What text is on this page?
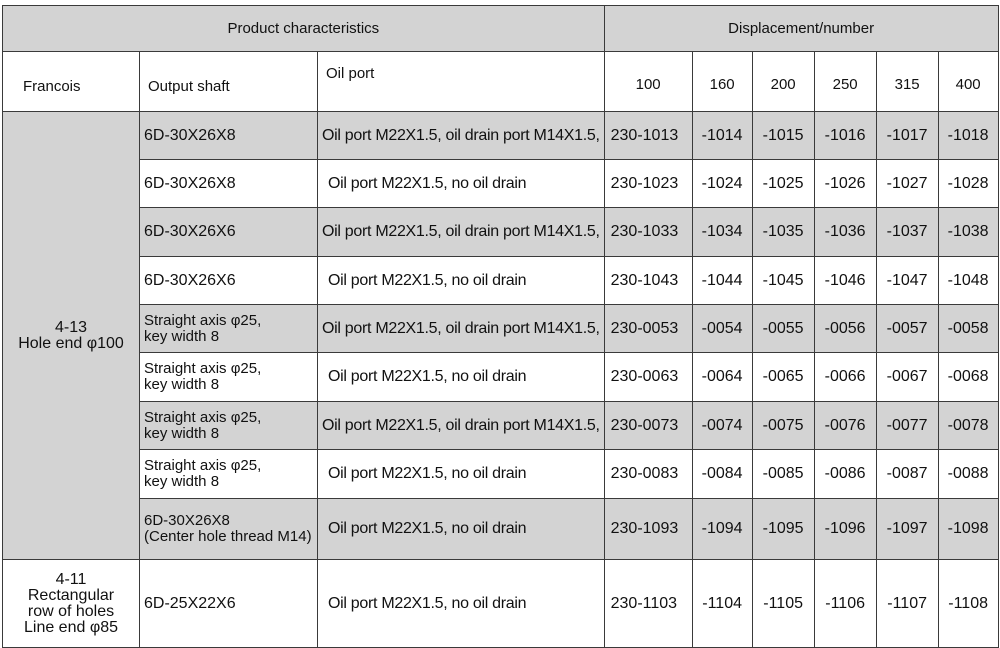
Product characteristics			Displacement/number					
Francois	Output shaft	Oil port	100	160	200	250	315	400

4-13
Hole end φ100	6D-30X26X8	Oil port M22X1.5, oil drain port M14X1.5,	230-1013	-1014	-1015	-1016	-1017	-1018

	6D-30X26X8	Oil port M22X1.5, no oil drain	230-1023	-1024	-1025	-1026	-1027	-1028

	6D-30X26X6	Oil port M22X1.5, oil drain port M14X1.5,	230-1033	-1034	-1035	-1036	-1037	-1038

	6D-30X26X6	Oil port M22X1.5, no oil drain	230-1043	-1044	-1045	-1046	-1047	-1048

	Straight axis φ25,
key width 8	Oil port M22X1.5, oil drain port M14X1.5,	230-0053	-0054	-0055	-0056	-0057	-0058

	Straight axis φ25,
key width 8	Oil port M22X1.5, no oil drain	230-0063	-0064	-0065	-0066	-0067	-0068

	Straight axis φ25,
key width 8	Oil port M22X1.5, oil drain port M14X1.5,	230-0073	-0074	-0075	-0076	-0077	-0078

	Straight axis φ25,
key width 8	Oil port M22X1.5, no oil drain	230-0083	-0084	-0085	-0086	-0087	-0088

	6D-30X26X8
(Center hole thread M14)	Oil port M22X1.5, no oil drain	230-1093	-1094	-1095	-1096	-1097	-1098

4-11
Rectangular
row of holes
Line end φ85	6D-25X22X6	Oil port M22X1.5, no oil drain	230-1103	-1104	-1105	-1106	-1107	-1108
